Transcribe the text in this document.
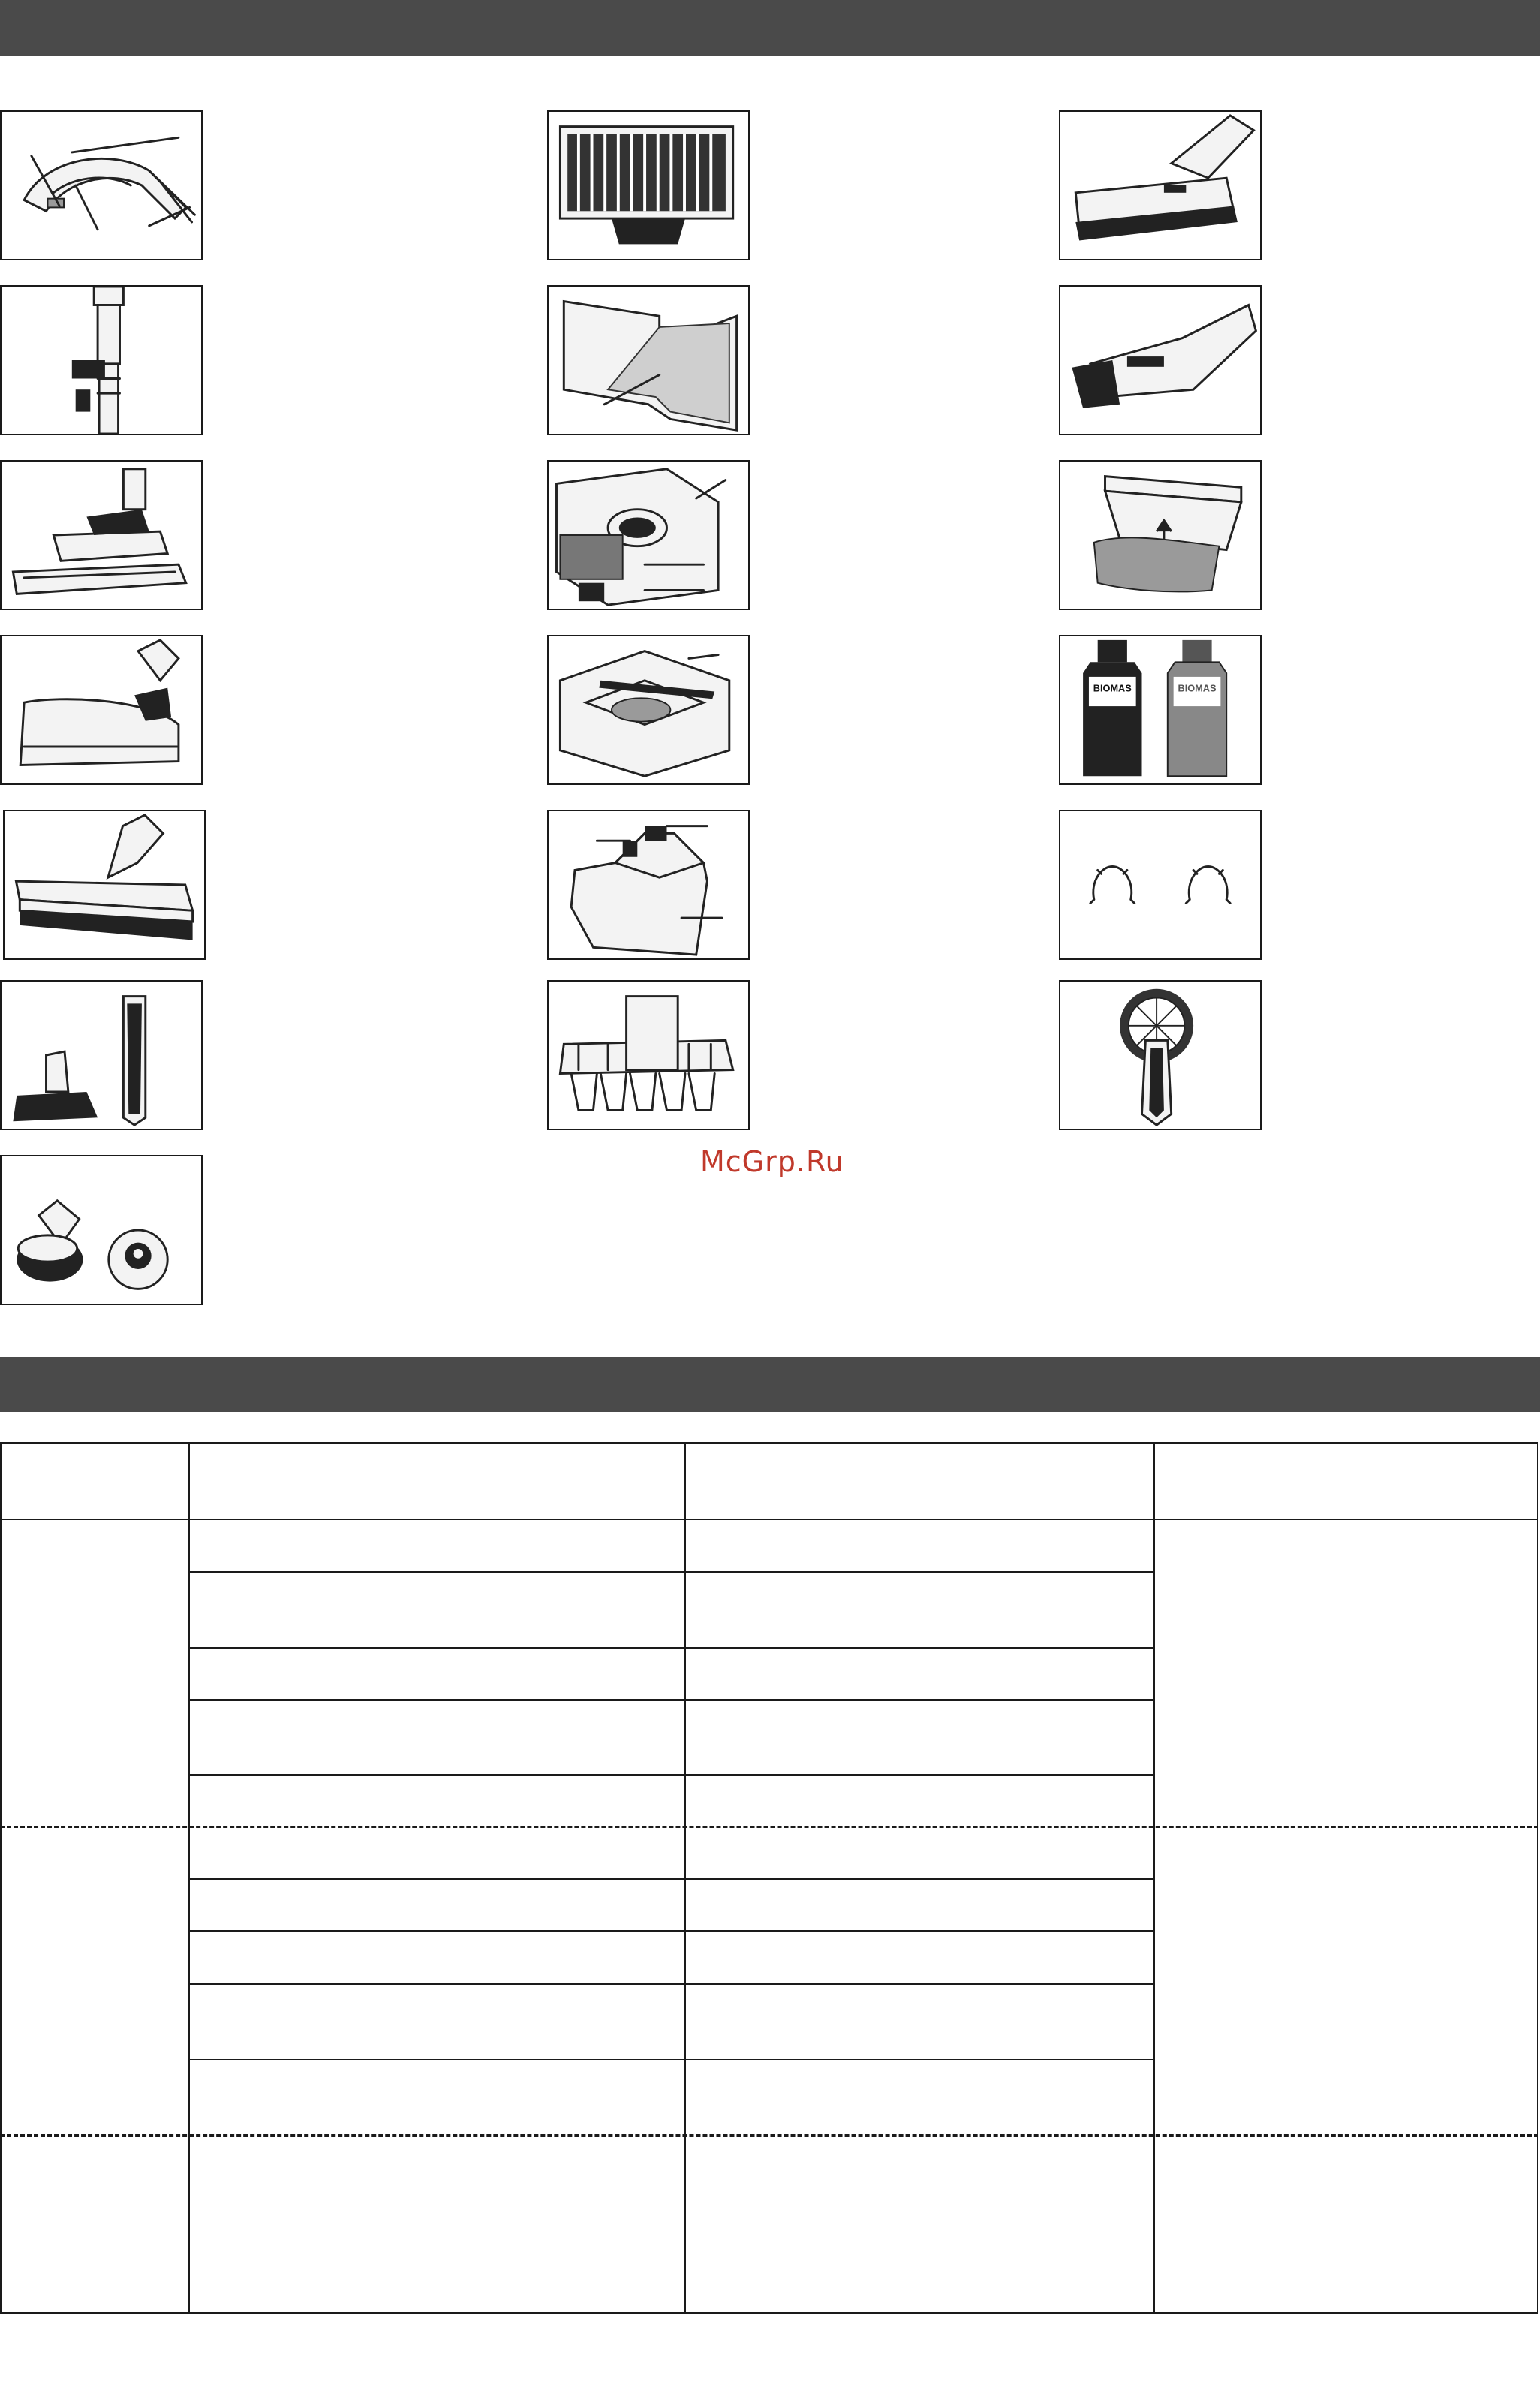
BIOMAS	BIOMAS
McGrp.Ru
